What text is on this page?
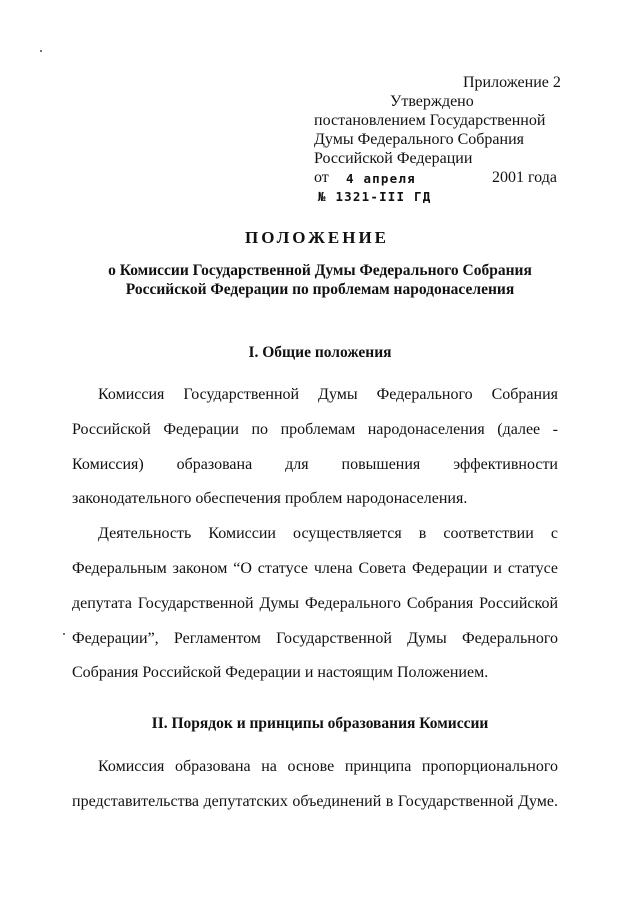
Приложение 2
Утверждено
постановлением Государственной
Думы Федерального Собрания
Российской Федерации
от 4 апреля	2001 года
№ 1321-III ГД
ПОЛОЖЕНИЕ
о Комиссии Государственной Думы Федерального Собрания
Российской Федерации по проблемам народонаселения
I. Общие положения
Комиссия Государственной Думы Федерального Собрания
Российской Федерации по проблемам народонаселения (далее -
Комиссия) образована для повышения эффективности
законодательного обеспечения проблем народонаселения.
Деятельность Комиссии осуществляется в соответствии с
Федеральным законом “О статусе члена Совета Федерации и статусе
депутата Государственной Думы Федерального Собрания Российской
Федерации”, Регламентом Государственной Думы Федерального
Собрания Российской Федерации и настоящим Положением.
II. Порядок и принципы образования Комиссии
Комиссия образована на основе принципа пропорционального
представительства депутатских объединений в Государственной Думе.
